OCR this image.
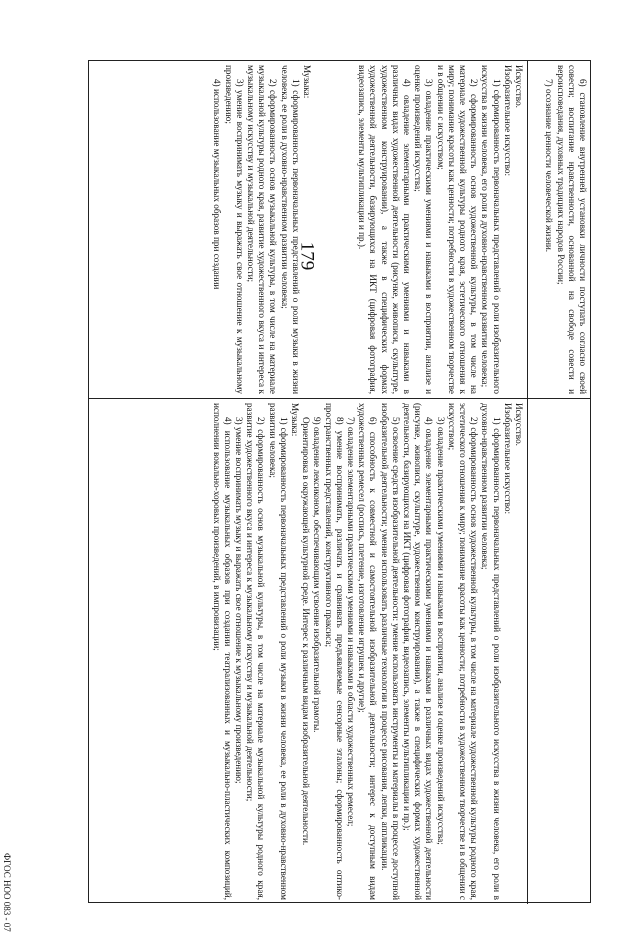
179
ФГОС НОО 083 - 07

6) становление внутренней установки личности поступать согласно своей совести; воспитание нравственности, основанной на свободе совести и вероисповедания, духовных традициях народов России;

7) осознание ценности человеческой жизни.

Искусство.

Изобразительное искусство:

1) сформированность первоначальных представлений о роли изобразительного искусства в жизни человека, его роли в духовно-нравственном развитии человека;

2) сформированность основ художественной культуры, в том числе на материале художественной культуры родного края, эстетического отношения к миру; понимание красоты как ценности; потребности в художественном творчестве и в общении с искусством;

3) овладение практическими умениями и навыками в восприятии, анализе и оценке произведений искусства;

4) овладение элементарными практическими умениями и навыками в различных видах художественной деятельности (рисунке, живописи, скульптуре, художественном конструировании), а также в специфических формах художественной деятельности, базирующихся на ИКТ (цифровая фотография, видеозапись, элементы мультипликации и пр.).

Музыка:

1) сформированность первоначальных представлений о роли музыки в жизни человека, ее роли в духовно-нравственном развитии человека;

2) сформированность основ музыкальной культуры, в том числе на материале музыкальной культуры родного края, развитие художественного вкуса и интереса к музыкальному искусству и музыкальной деятельности;

3) умение воспринимать музыку и выражать свое отношение к музыкальному произведению;

4) использование музыкальных образов при создании

Искусство.

Изобразительное искусство:

1) сформированность первоначальных представлений о роли изобразительного искусства в жизни человека, его роли в духовно-нравственном развитии человека;

2) сформированность основ художественной культуры, в том числе на материале художественной культуры родного края, эстетического отношения к миру; понимание красоты как ценности; потребности в художественном творчестве и в общении с искусством;

3) овладение практическими умениями и навыками в восприятии, анализе и оценке произведений искусства;

4) овладение элементарными практическими умениями и навыками в различных видах художественной деятельности (рисунке, живописи, скульптуре, художественном конструировании), а также в специфических формах художественной деятельности, базирующихся на ИКТ (цифровая фотография, видеозапись, элементы мультипликации и пр.);

5) освоение средств изобразительной деятельности: умение использовать инструменты и материалы в процессе доступной изобразительной деятельности; умение использовать различные технологии в процессе рисования, лепки, аппликации.

6) способность к совместной и самостоятельной изобразительной деятельности; интерес к доступным видам художественных ремесел (роспись, плетение, изготовление игрушек и другие);

7) овладение элементарными практическими умениями и навыками в области художественных ремесел;

8) умение воспринимать, различать и сравнивать предъявляемые сенсорные эталоны; сформированность оптико-пространственных представлений, конструктивного праксиса;

9) овладение лексиконом, обеспечивающим усвоение изобразительной грамоты.

Ориентировка в окружающей культурной среде. Интерес к различным видам изобразительной деятельности.

Музыка:

1) сформированность первоначальных представлений о роли музыки в жизни человека, ее роли в духовно-нравственном развитии человека;

2) сформированность основ музыкальной культуры, в том числе на материале музыкальной культуры родного края, развитие художественного вкуса и интереса к музыкальному искусству и музыкальной деятельности;

3) умение воспринимать музыку и выражать свое отношение к музыкальному произведению;

4) использование музыкальных образов при создании театрализованных и музыкально-пластических композиций, исполнении вокально-хоровых произведений, в импровизации;
